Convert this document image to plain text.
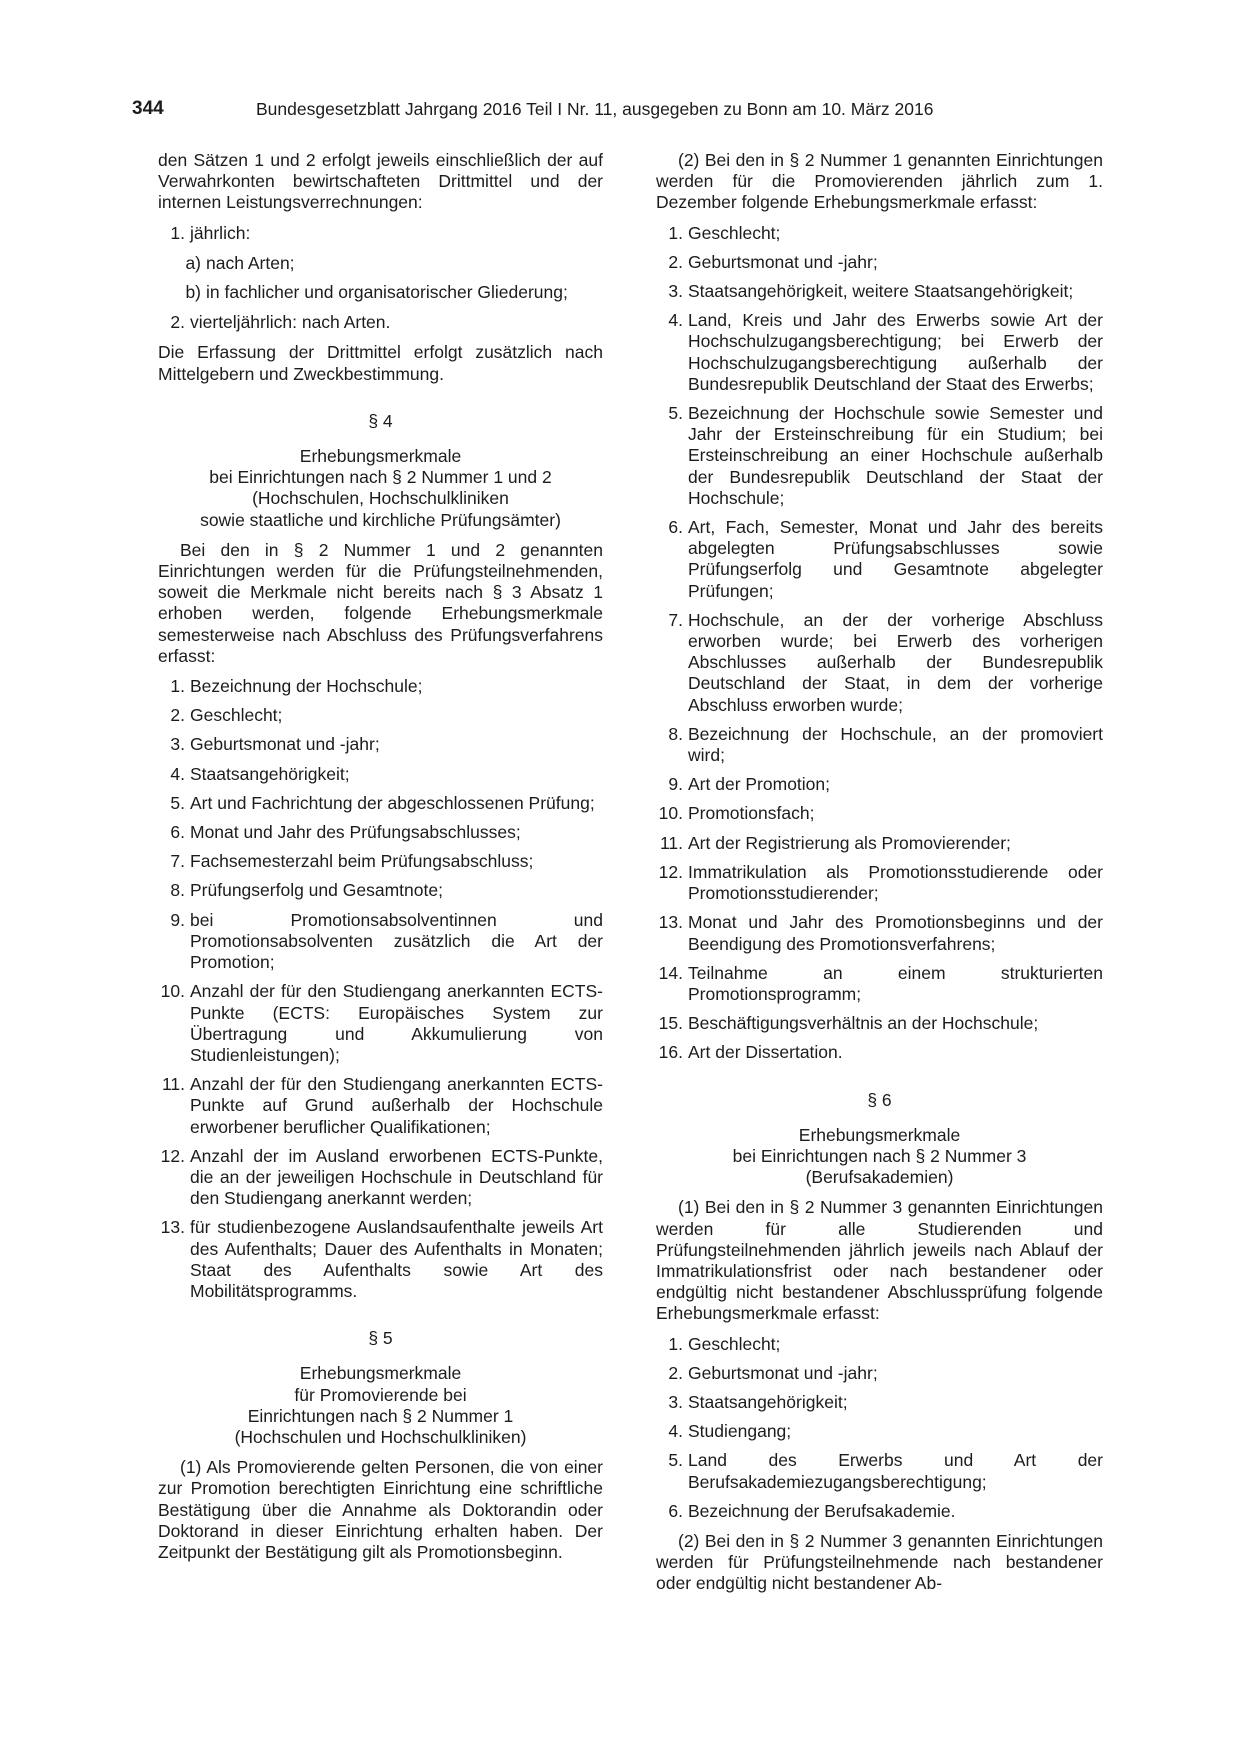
344	Bundesgesetzblatt Jahrgang 2016 Teil I Nr. 11, ausgegeben zu Bonn am 10. März 2016

den Sätzen 1 und 2 erfolgt jeweils einschließlich der auf Verwahrkonten bewirtschafteten Drittmittel und der internen Leistungsverrechnungen:

1. jährlich:
a) nach Arten;
b) in fachlicher und organisatorischer Gliederung;
2. vierteljährlich: nach Arten.

Die Erfassung der Drittmittel erfolgt zusätzlich nach Mittelgebern und Zweckbestimmung.

§ 4
Erhebungsmerkmale
bei Einrichtungen nach § 2 Nummer 1 und 2
(Hochschulen, Hochschulkliniken
sowie staatliche und kirchliche Prüfungsämter)

Bei den in § 2 Nummer 1 und 2 genannten Einrichtungen werden für die Prüfungsteilnehmenden, soweit die Merkmale nicht bereits nach § 3 Absatz 1 erhoben werden, folgende Erhebungsmerkmale semesterweise nach Abschluss des Prüfungsverfahrens erfasst:

1. Bezeichnung der Hochschule;
2. Geschlecht;
3. Geburtsmonat und -jahr;
4. Staatsangehörigkeit;
5. Art und Fachrichtung der abgeschlossenen Prüfung;
6. Monat und Jahr des Prüfungsabschlusses;
7. Fachsemesterzahl beim Prüfungsabschluss;
8. Prüfungserfolg und Gesamtnote;
9. bei Promotionsabsolventinnen und Promotionsabsolventen zusätzlich die Art der Promotion;
10. Anzahl der für den Studiengang anerkannten ECTS-Punkte (ECTS: Europäisches System zur Übertragung und Akkumulierung von Studienleistungen);
11. Anzahl der für den Studiengang anerkannten ECTS-Punkte auf Grund außerhalb der Hochschule erworbener beruflicher Qualifikationen;
12. Anzahl der im Ausland erworbenen ECTS-Punkte, die an der jeweiligen Hochschule in Deutschland für den Studiengang anerkannt werden;
13. für studienbezogene Auslandsaufenthalte jeweils Art des Aufenthalts; Dauer des Aufenthalts in Monaten; Staat des Aufenthalts sowie Art des Mobilitätsprogramms.
§ 5
Erhebungsmerkmale
für Promovierende bei
Einrichtungen nach § 2 Nummer 1
(Hochschulen und Hochschulkliniken)

(1) Als Promovierende gelten Personen, die von einer zur Promotion berechtigten Einrichtung eine schriftliche Bestätigung über die Annahme als Doktorandin oder Doktorand in dieser Einrichtung erhalten haben. Der Zeitpunkt der Bestätigung gilt als Promotionsbeginn.

(2) Bei den in § 2 Nummer 1 genannten Einrichtungen werden für die Promovierenden jährlich zum 1. Dezember folgende Erhebungsmerkmale erfasst:

1. Geschlecht;
2. Geburtsmonat und -jahr;
3. Staatsangehörigkeit, weitere Staatsangehörigkeit;
4. Land, Kreis und Jahr des Erwerbs sowie Art der Hochschulzugangsberechtigung; bei Erwerb der Hochschulzugangsberechtigung außerhalb der Bundesrepublik Deutschland der Staat des Erwerbs;
5. Bezeichnung der Hochschule sowie Semester und Jahr der Ersteinschreibung für ein Studium; bei Ersteinschreibung an einer Hochschule außerhalb der Bundesrepublik Deutschland der Staat der Hochschule;
6. Art, Fach, Semester, Monat und Jahr des bereits abgelegten Prüfungsabschlusses sowie Prüfungserfolg und Gesamtnote abgelegter Prüfungen;
7. Hochschule, an der der vorherige Abschluss erworben wurde; bei Erwerb des vorherigen Abschlusses außerhalb der Bundesrepublik Deutschland der Staat, in dem der vorherige Abschluss erworben wurde;
8. Bezeichnung der Hochschule, an der promoviert wird;
9. Art der Promotion;
10. Promotionsfach;
11. Art der Registrierung als Promovierender;
12. Immatrikulation als Promotionsstudierende oder Promotionsstudierender;
13. Monat und Jahr des Promotionsbeginns und der Beendigung des Promotionsverfahrens;
14. Teilnahme an einem strukturierten Promotionsprogramm;
15. Beschäftigungsverhältnis an der Hochschule;
16. Art der Dissertation.
§ 6
Erhebungsmerkmale
bei Einrichtungen nach § 2 Nummer 3
(Berufsakademien)

(1) Bei den in § 2 Nummer 3 genannten Einrichtungen werden für alle Studierenden und Prüfungsteilnehmenden jährlich jeweils nach Ablauf der Immatrikulationsfrist oder nach bestandener oder endgültig nicht bestandener Abschlussprüfung folgende Erhebungsmerkmale erfasst:

1. Geschlecht;
2. Geburtsmonat und -jahr;
3. Staatsangehörigkeit;
4. Studiengang;
5. Land des Erwerbs und Art der Berufsakademiezugangsberechtigung;
6. Bezeichnung der Berufsakademie.

(2) Bei den in § 2 Nummer 3 genannten Einrichtungen werden für Prüfungsteilnehmende nach bestandener oder endgültig nicht bestandener Ab-
